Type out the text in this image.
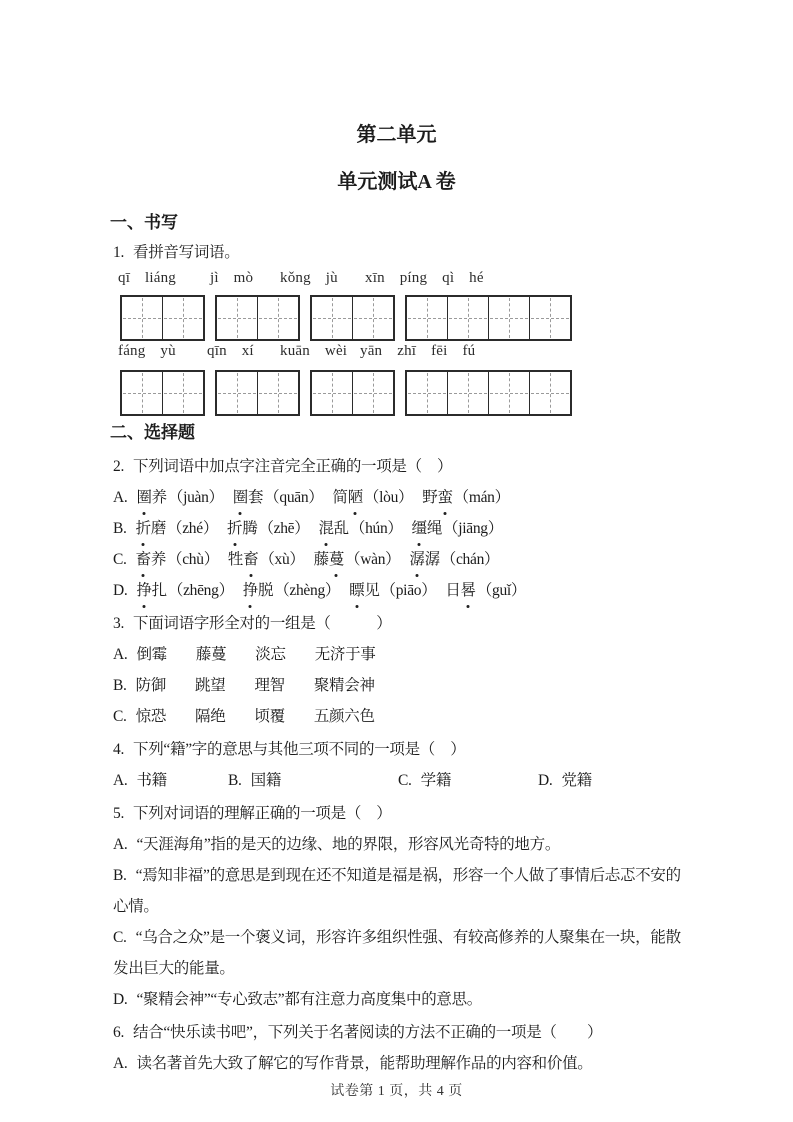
第二单元
单元测试A 卷
一、书写

1. 看拼音写词语。

qī liáng jì mò kǒng jù xīn píng qì hé
fáng yù qīn xí kuān wèi yān zhī fēi fú
二、选择题

2. 下列词语中加点字注音完全正确的一项是（　）

A. 圈养（juàn） 圈套（quān） 简陋（lòu） 野蛮（mán）
B. 折磨（zhé） 折腾（zhē） 混乱（hún） 缰绳（jiāng）
C. 畜养（chù） 牲畜（xù） 藤蔓（wàn） 潺潺（chán）
D. 挣扎（zhēng） 挣脱（zhèng） 瞟见（piāo） 日晷（guǐ）

3. 下面词语字形全对的一组是（　　　）

A. 倒霉 藤蔓 淡忘 无济于事
B. 防御 跳望 理智 聚精会神
C. 惊恐 隔绝 顷覆 五颜六色

4. 下列“籍”字的意思与其他三项不同的一项是（　）

A. 书籍	B. 国籍	C. 学籍	D. 党籍

5. 下列对词语的理解正确的一项是（　）

A. “天涯海角”指的是天的边缘、地的界限，形容风光奇特的地方。
B. “焉知非福”的意思是到现在还不知道是福是祸，形容一个人做了事情后忐忑不安的心情。
C. “乌合之众”是一个褒义词，形容许多组织性强、有较高修养的人聚集在一块，能散发出巨大的能量。
D. “聚精会神”“专心致志”都有注意力高度集中的意思。

6. 结合“快乐读书吧”，下列关于名著阅读的方法不正确的一项是（　　）

A. 读名著首先大致了解它的写作背景，能帮助理解作品的内容和价值。
试卷第 1 页，共 4 页
